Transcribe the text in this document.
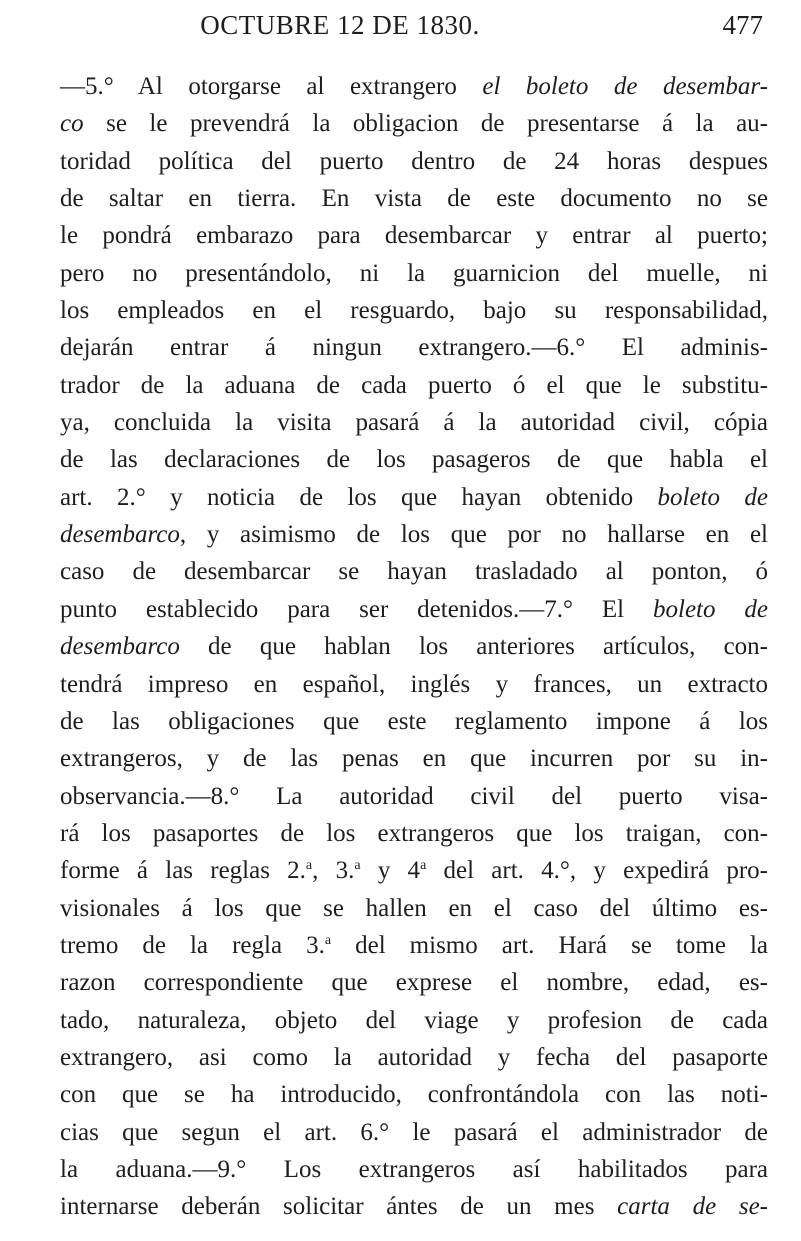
OCTUBRE 12 DE 1830.	477
—5.° Al otorgarse al extrangero el boleto de desembar-
co se le prevendrá la obligacion de presentarse á la au-
toridad política del puerto dentro de 24 horas despues
de saltar en tierra. En vista de este documento no se
le pondrá embarazo para desembarcar y entrar al puerto;
pero no presentándolo, ni la guarnicion del muelle, ni
los empleados en el resguardo, bajo su responsabilidad,
dejarán entrar á ningun extrangero.—6.° El adminis-
trador de la aduana de cada puerto ó el que le substitu-
ya, concluida la visita pasará á la autoridad civil, cópia
de las declaraciones de los pasageros de que habla el
art. 2.° y noticia de los que hayan obtenido boleto de
desembarco, y asimismo de los que por no hallarse en el
caso de desembarcar se hayan trasladado al ponton, ó
punto establecido para ser detenidos.—7.° El boleto de
desembarco de que hablan los anteriores artículos, con-
tendrá impreso en español, inglés y frances, un extracto
de las obligaciones que este reglamento impone á los
extrangeros, y de las penas en que incurren por su in-
observancia.—8.° La autoridad civil del puerto visa-
rá los pasaportes de los extrangeros que los traigan, con-
forme á las reglas 2.$^a$, 3.$^a$ y 4$^a$ del art. 4.°, y expedirá pro-
visionales á los que se hallen en el caso del último es-
tremo de la regla 3.$^a$ del mismo art. Hará se tome la
razon correspondiente que exprese el nombre, edad, es-
tado, naturaleza, objeto del viage y profesion de cada
extrangero, asi como la autoridad y fecha del pasaporte
con que se ha introducido, confrontándola con las noti-
cias que segun el art. 6.° le pasará el administrador de
la aduana.—9.° Los extrangeros así habilitados para
internarse deberán solicitar ántes de un mes carta de se-
